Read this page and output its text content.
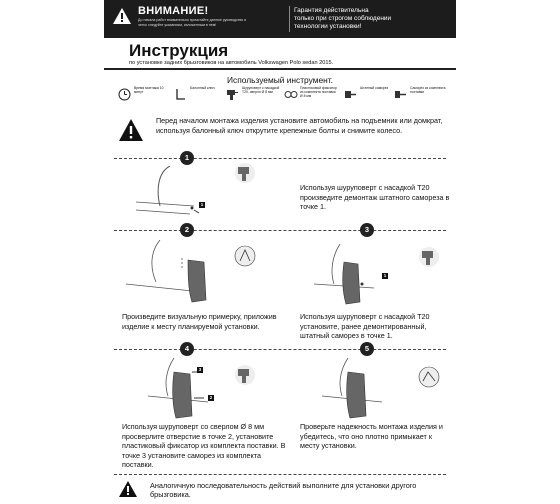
ВНИМАНИЕ!
До начала работ внимательно прочитайте данное руководство и четко следуйте указаниям, изложенным в нем!
Гарантия действительна
только при строгом соблюдении
технологии установки!
Инструкция
по установке задних брызговиков на автомобиль Volkswagen Polo sedan 2015.
Используемый инструмент.
Время монтажа 10 минут
Балонный ключ	Шуруповерт с насадкой Т20, сверло Ø 8 мм
Пластиковый фиксатор из комплекта поставки Ø 8 мм
Штатный саморез	Саморез из комплекта поставки
Перед началом монтажа изделия установите автомобиль на подъемник или домкрат, используя балонный ключ открутите крепежные болты и снимите колесо.
1
1
Используя шуруповерт с насадкой Т20 произведите демонтаж штатного самореза в точке 1.
2	3
1
Произведите визуальную примерку, приложив изделие к месту планируемой установки.
Используя шуруповерт с насадкой Т20 установите, ранее демонтированный, штатный саморез в точке 1.
4	5
3
2
Используя шуруповерт со сверлом Ø 8 мм просверлите отверстие в точке 2, установите пластиковый фиксатор из комплекта поставки. В точке 3 установите саморез из комплекта поставки.
Проверьте надежность монтажа изделия и убедитесь, что оно плотно примыкает к месту установки.
Аналогичную последовательность действий выполните для установки другого брызговика.
